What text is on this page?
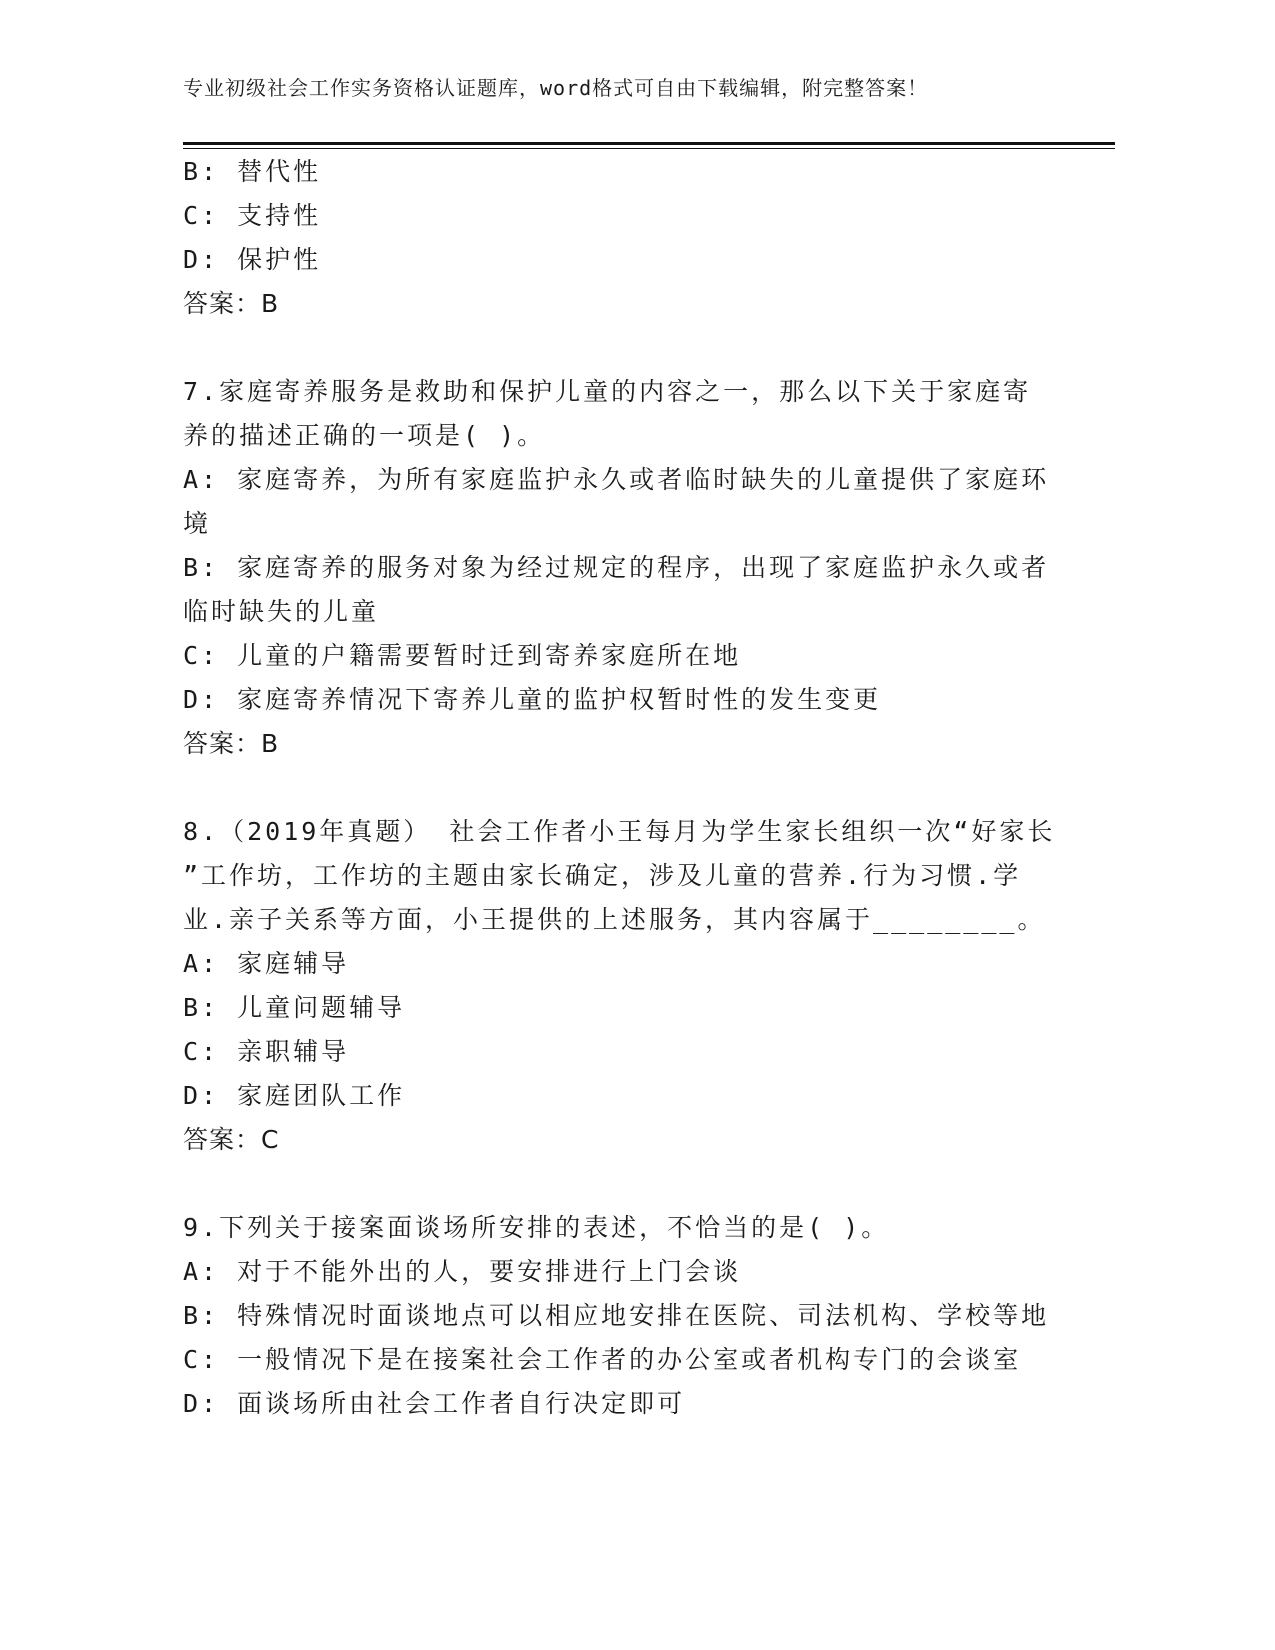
专业初级社会工作实务资格认证题库，word格式可自由下载编辑，附完整答案！
B: 替代性
C: 支持性
D: 保护性
答案：B
7.家庭寄养服务是救助和保护儿童的内容之一，那么以下关于家庭寄
养的描述正确的一项是( )。
A: 家庭寄养，为所有家庭监护永久或者临时缺失的儿童提供了家庭环
境
B: 家庭寄养的服务对象为经过规定的程序，出现了家庭监护永久或者
临时缺失的儿童
C: 儿童的户籍需要暂时迁到寄养家庭所在地
D: 家庭寄养情况下寄养儿童的监护权暂时性的发生变更
答案：B
8.（2019年真题） 社会工作者小王每月为学生家长组织一次“好家长
”工作坊，工作坊的主题由家长确定，涉及儿童的营养.行为习惯.学
业.亲子关系等方面，小王提供的上述服务，其内容属于________。
A: 家庭辅导
B: 儿童问题辅导
C: 亲职辅导
D: 家庭团队工作
答案：C
9.下列关于接案面谈场所安排的表述，不恰当的是( )。
A: 对于不能外出的人，要安排进行上门会谈
B: 特殊情况时面谈地点可以相应地安排在医院、司法机构、学校等地
C: 一般情况下是在接案社会工作者的办公室或者机构专门的会谈室
D: 面谈场所由社会工作者自行决定即可
